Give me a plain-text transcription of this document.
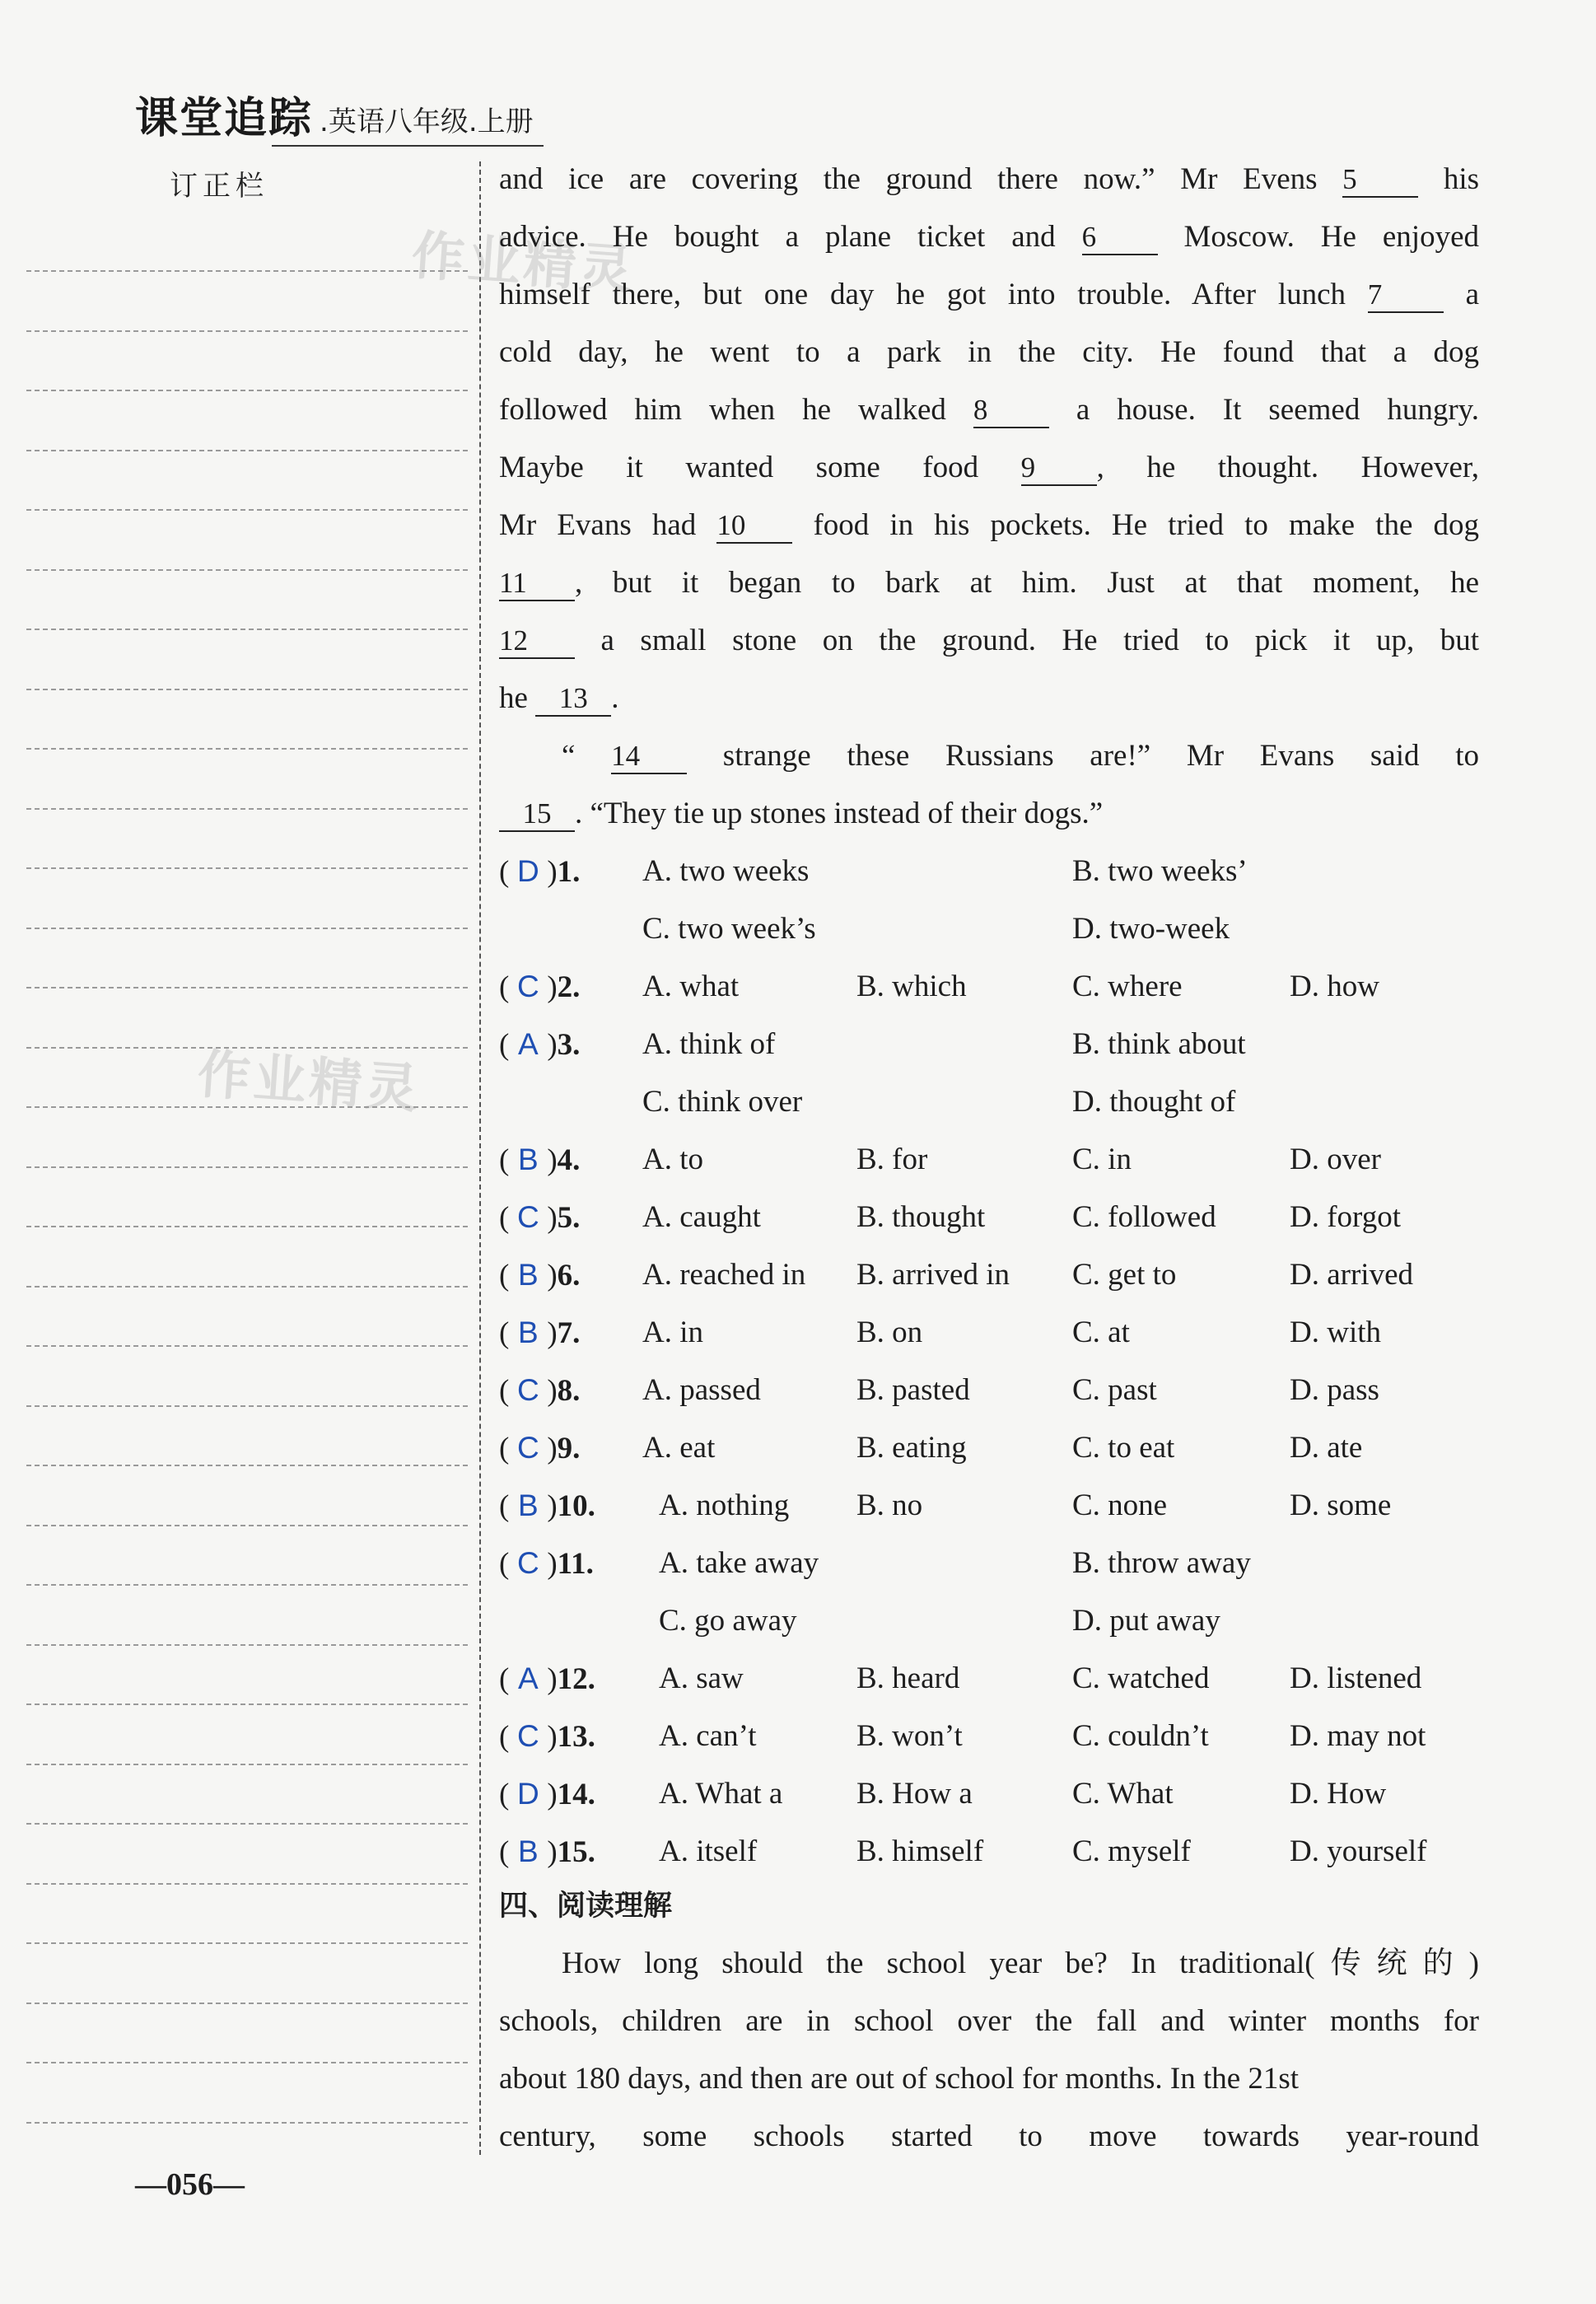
课堂追踪 .英语八年级.上册
订正栏
作业精灵
作业精灵
and ice are covering the ground there now.” Mr Evens 5 his
advice. He bought a plane ticket and 6 Moscow. He enjoyed
himself there, but one day he got into trouble. After lunch 7 a
cold day, he went to a park in the city. He found that a dog
followed him when he walked 8 a house. It seemed hungry.
Maybe it wanted some food 9 , he thought. However,
Mr Evans had 10 food in his pockets. He tried to make the dog
11 , but it began to bark at him. Just at that moment, he
12 a small stone on the ground. He tried to pick it up, but
he 13 .
“ 14 strange these Russians are!” Mr Evans said to
15 . “They tie up stones instead of their dogs.”
( D )1. A. two weeks	B. two weeks’
C. two week’s	D. two-week
( C )2. A. what	B. which	C. where	D. how
( A )3. A. think of	B. think about
C. think over	D. thought of
( B )4. A. to	B. for	C. in	D. over
( C )5. A. caught	B. thought	C. followed D. forgot
( B )6. A. reached in B. arrived in C. get to	D. arrived
( B )7. A. in	B. on	C. at	D. with
( C )8. A. passed	B. pasted	C. past	D. pass
( C )9. A. eat	B. eating	C. to eat	D. ate
( B )10. A. nothing B. no	C. none	D. some
( C )11. A. take away	B. throw away
C. go away	D. put away
( A )12. A. saw	B. heard	C. watched	D. listened
( C )13. A. can’t	B. won’t	C. couldn’t	D. may not
( D )14. A. What a B. How a	C. What	D. How
( B )15. A. itself	B. himself	C. myself	D. yourself
四、阅读理解
How long should the school year be? In traditional(传统的)
schools, children are in school over the fall and winter months for
about 180 days, and then are out of school for months. In the 21st
century, some schools started to move towards year-round
—056—
